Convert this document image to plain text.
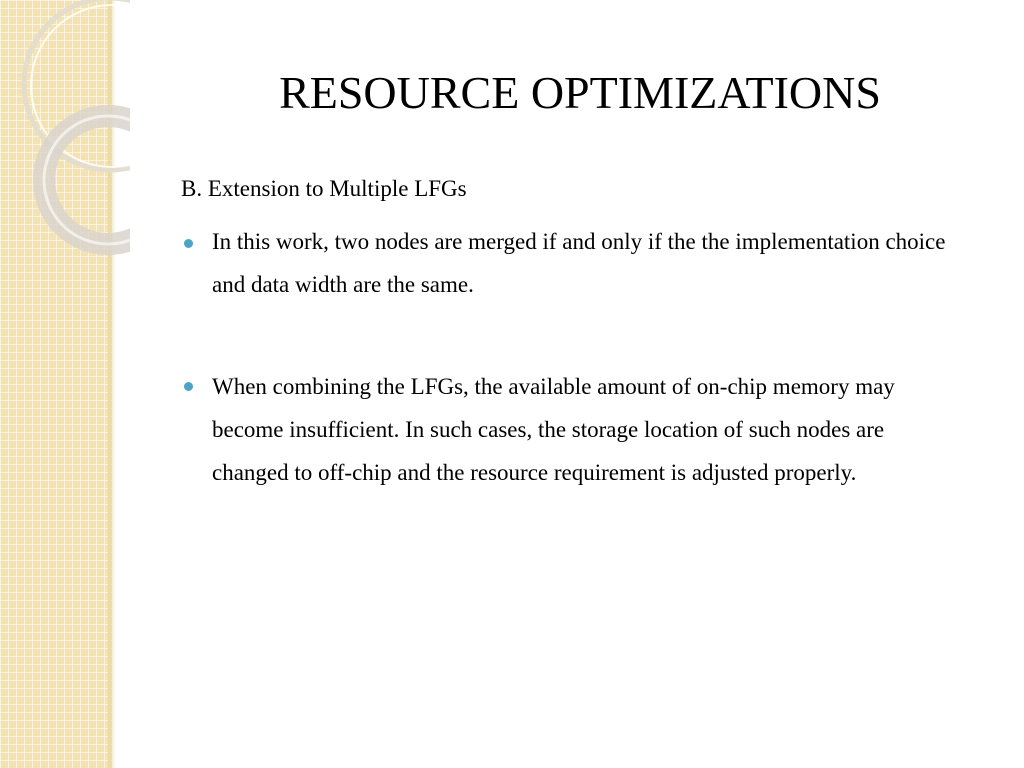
RESOURCE OPTIMIZATIONS
B. Extension to Multiple LFGs
In this work, two nodes are merged if and only if the the implementation choice and data width are the same.
When combining the LFGs, the available amount of on-chip memory may become insufficient. In such cases, the storage location of such nodes are changed to off-chip and the resource requirement is adjusted properly.
